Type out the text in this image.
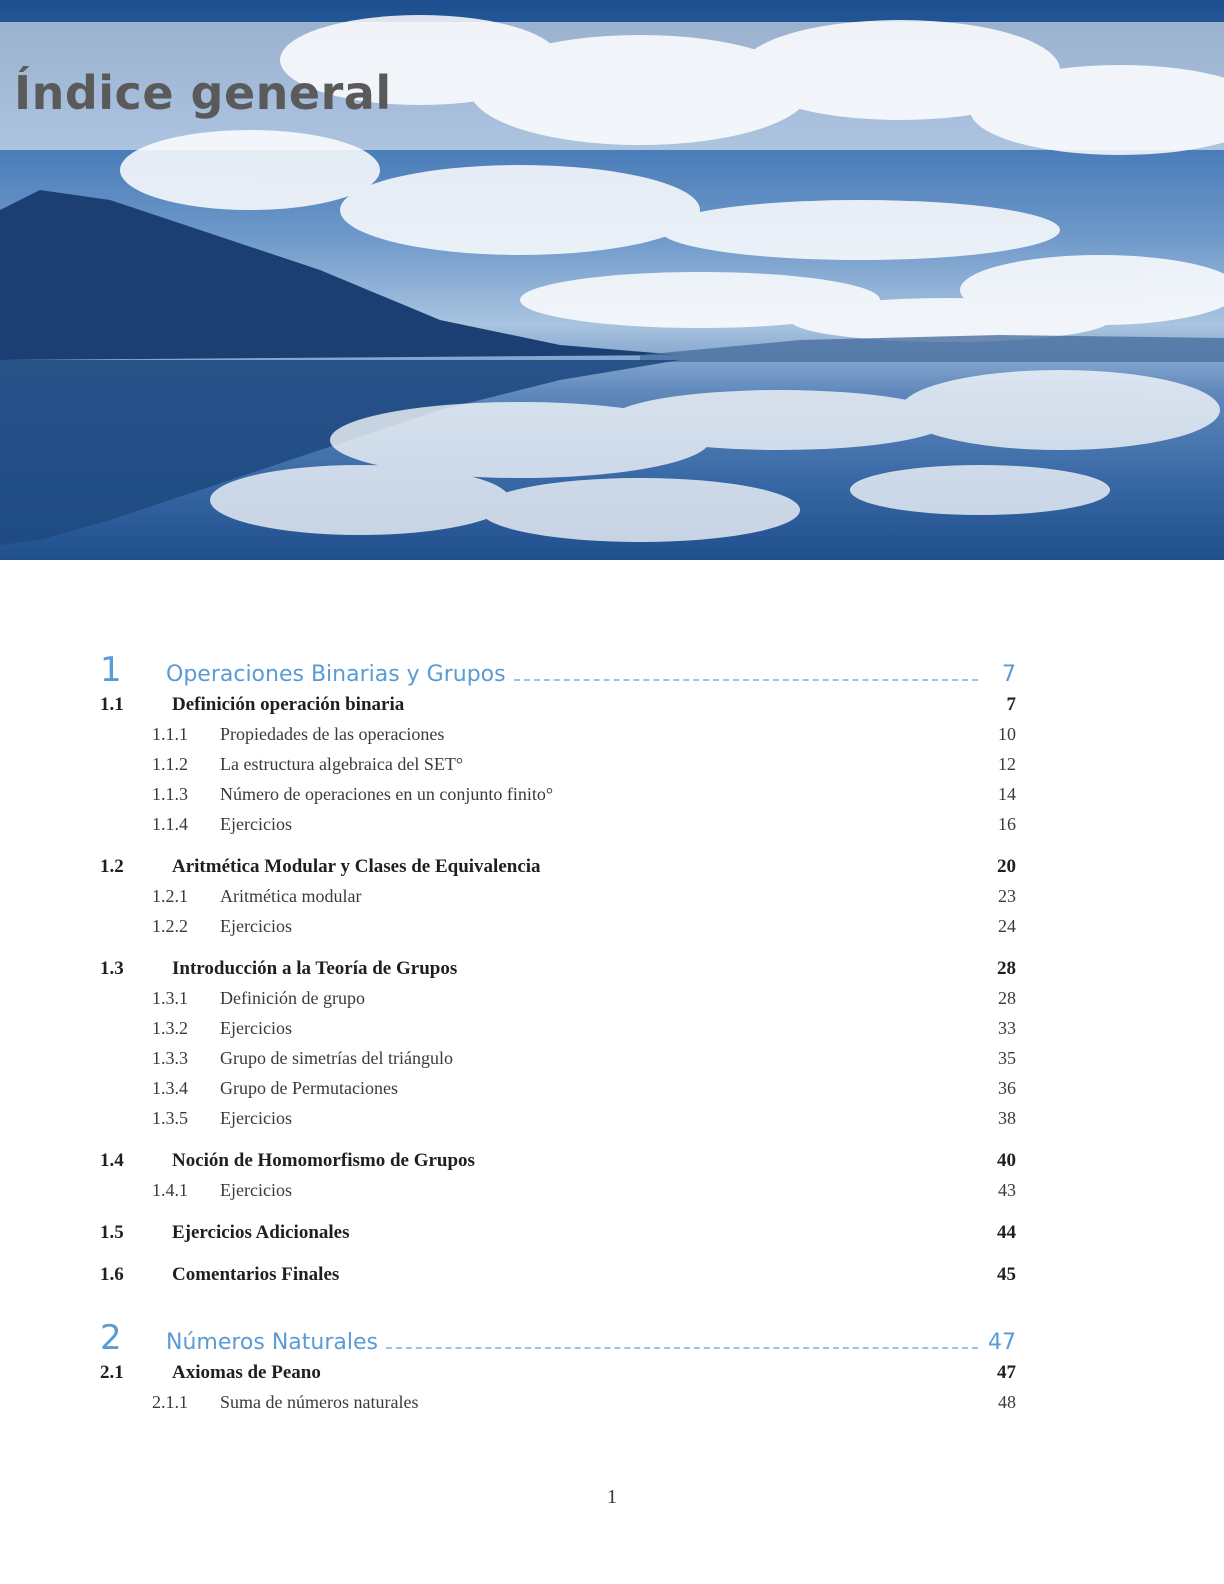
Índice general
1	Operaciones Binarias y Grupos	7
1.1	Definición operación binaria	7
1.1.1	Propiedades de las operaciones	10
1.1.2	La estructura algebraica del SET°	12
1.1.3	Número de operaciones en un conjunto finito°	14
1.1.4	Ejercicios	16
1.2	Aritmética Modular y Clases de Equivalencia	20
1.2.1	Aritmética modular	23
1.2.2	Ejercicios	24
1.3	Introducción a la Teoría de Grupos	28
1.3.1	Definición de grupo	28
1.3.2	Ejercicios	33
1.3.3	Grupo de simetrías del triángulo	35
1.3.4	Grupo de Permutaciones	36
1.3.5	Ejercicios	38
1.4	Noción de Homomorfismo de Grupos	40
1.4.1	Ejercicios	43
1.5	Ejercicios Adicionales	44
1.6	Comentarios Finales	45
2	Números Naturales	47
2.1	Axiomas de Peano	47
2.1.1	Suma de números naturales	48
1
